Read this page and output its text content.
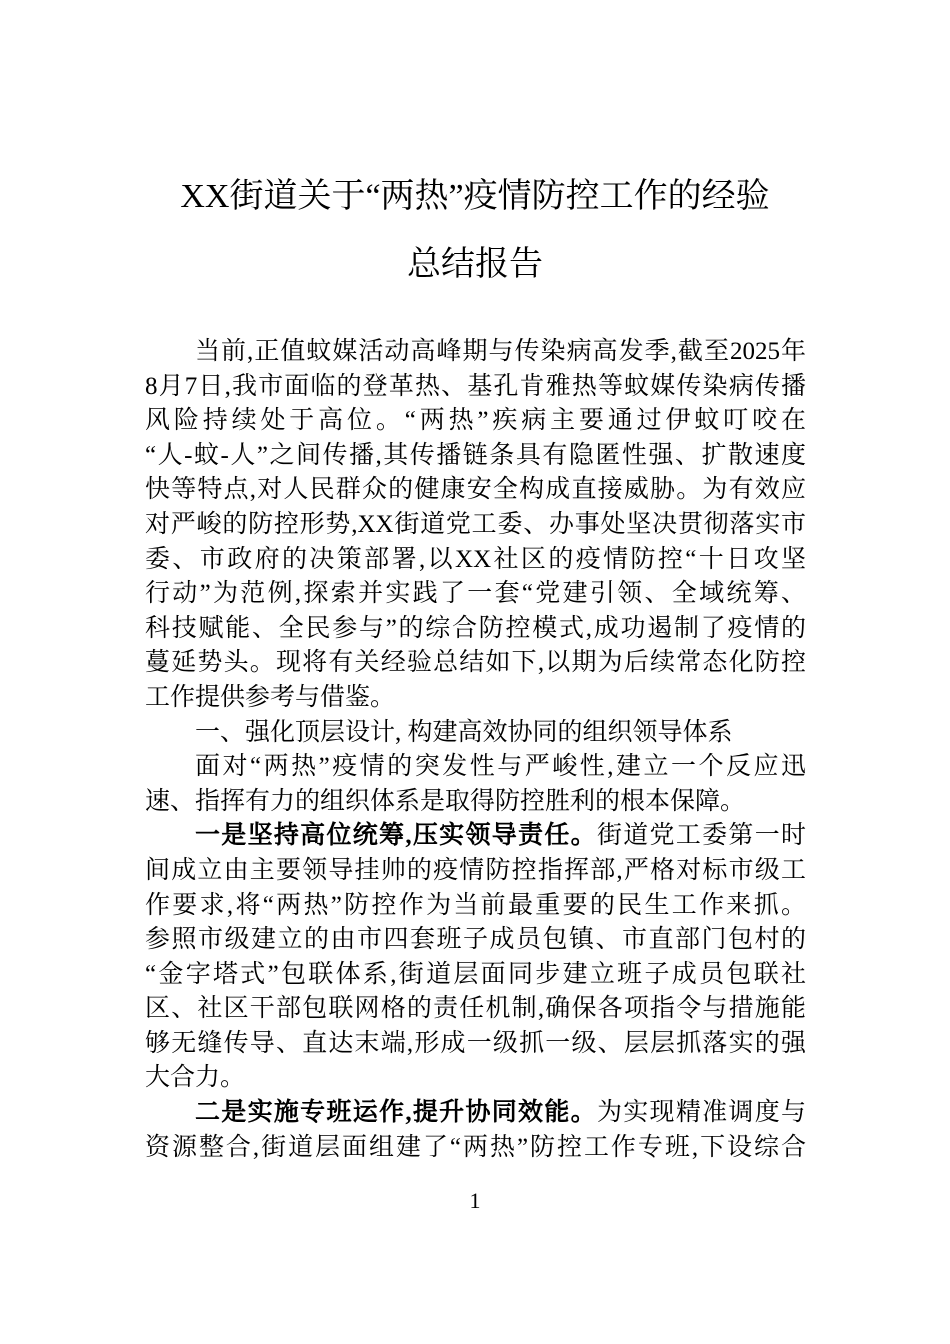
XX街道关于“两热”疫情防控工作的经验
总结报告
当前,正值蚊媒活动高峰期与传染病高发季,截至2025年
8月7日,我市面临的登革热、基孔肯雅热等蚊媒传染病传播
风险持续处于高位。“两热”疾病主要通过伊蚊叮咬在
“人-蚊-人”之间传播,其传播链条具有隐匿性强、扩散速度
快等特点,对人民群众的健康安全构成直接威胁。为有效应
对严峻的防控形势,XX街道党工委、办事处坚决贯彻落实市
委、市政府的决策部署,以XX社区的疫情防控“十日攻坚
行动”为范例,探索并实践了一套“党建引领、全域统筹、
科技赋能、全民参与”的综合防控模式,成功遏制了疫情的
蔓延势头。现将有关经验总结如下,以期为后续常态化防控
工作提供参考与借鉴。
一、强化顶层设计, 构建高效协同的组织领导体系
面对“两热”疫情的突发性与严峻性,建立一个反应迅
速、指挥有力的组织体系是取得防控胜利的根本保障。
一是坚持高位统筹,压实领导责任。街道党工委第一时
间成立由主要领导挂帅的疫情防控指挥部,严格对标市级工
作要求,将“两热”防控作为当前最重要的民生工作来抓。
参照市级建立的由市四套班子成员包镇、市直部门包村的
“金字塔式”包联体系,街道层面同步建立班子成员包联社
区、社区干部包联网格的责任机制,确保各项指令与措施能
够无缝传导、直达末端,形成一级抓一级、层层抓落实的强
大合力。
二是实施专班运作,提升协同效能。为实现精准调度与
资源整合,街道层面组建了“两热”防控工作专班,下设综合
1
